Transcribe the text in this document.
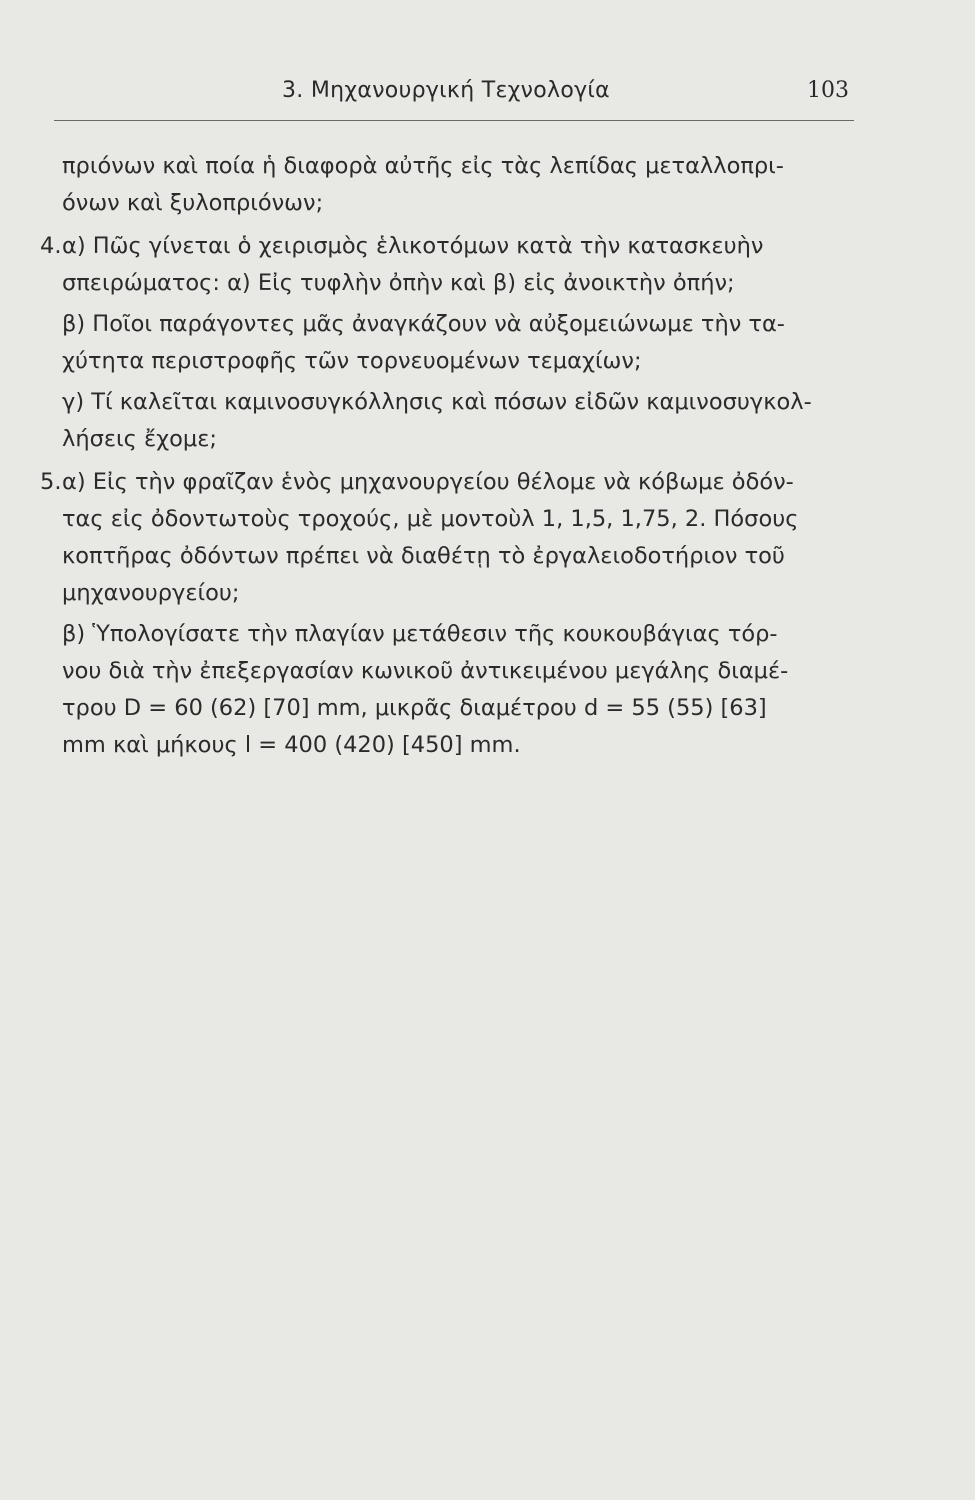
3. Μηχανουργική Τεχνολογία	103
πριόνων καὶ ποία ἡ διαφορὰ αὐτῆς εἰς τὰς λεπίδας μεταλλοπρι-
όνων καὶ ξυλοπριόνων;
4. α) Πῶς γίνεται ὁ χειρισμὸς ἑλικοτόμων κατὰ τὴν κατασκευὴν
σπειρώματος: α) Εἰς τυφλὴν ὀπὴν καὶ β) εἰς ἀνοικτὴν ὀπήν;
β) Ποῖοι παράγοντες μᾶς ἀναγκάζουν νὰ αὐξομειώνωμε τὴν τα-
χύτητα περιστροφῆς τῶν τορνευομένων τεμαχίων;
γ) Τί καλεῖται καμινοσυγκόλλησις καὶ πόσων εἰδῶν καμινοσυγκολ-
λήσεις ἔχομε;
5. α) Εἰς τὴν φραῖζαν ἑνὸς μηχανουργείου θέλομε νὰ κόβωμε ὀδόν-
τας εἰς ὀδοντωτοὺς τροχούς, μὲ μοντοὺλ 1, 1,5, 1,75, 2. Πόσους
κοπτῆρας ὀδόντων πρέπει νὰ διαθέτῃ τὸ ἐργαλειοδοτήριον τοῦ
μηχανουργείου;
β) Ὑπολογίσατε τὴν πλαγίαν μετάθεσιν τῆς κουκουβάγιας τόρ-
νου διὰ τὴν ἐπεξεργασίαν κωνικοῦ ἀντικειμένου μεγάλης διαμέ-
τρου D = 60 (62) [70] mm, μικρᾶς διαμέτρου d = 55 (55) [63]
mm καὶ μήκους l = 400 (420) [450] mm.
